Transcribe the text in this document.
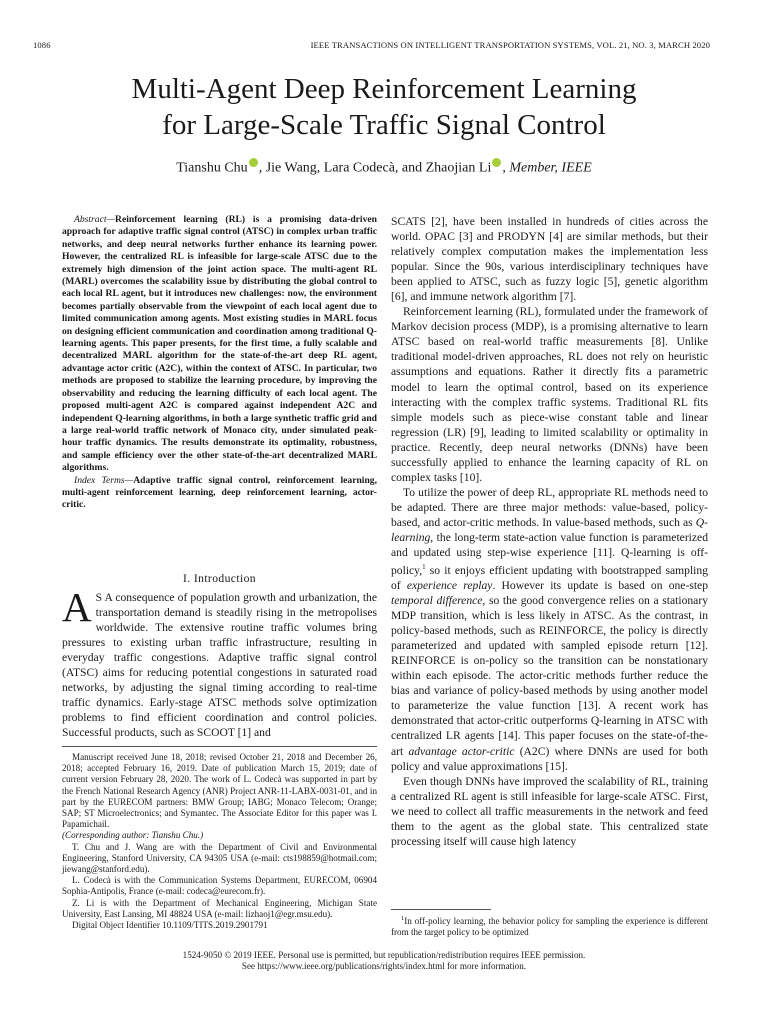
1086	IEEE TRANSACTIONS ON INTELLIGENT TRANSPORTATION SYSTEMS, VOL. 21, NO. 3, MARCH 2020
Multi-Agent Deep Reinforcement Learning
for Large-Scale Traffic Signal Control
Tianshu Chu , Jie Wang, Lara Codecà, and Zhaojian Li , Member, IEEE

Abstract—Reinforcement learning (RL) is a promising data-driven approach for adaptive traffic signal control (ATSC) in complex urban traffic networks, and deep neural networks further enhance its learning power. However, the centralized RL is infeasible for large-scale ATSC due to the extremely high dimension of the joint action space. The multi-agent RL (MARL) overcomes the scalability issue by distributing the global control to each local RL agent, but it introduces new challenges: now, the environment becomes partially observable from the viewpoint of each local agent due to limited communication among agents. Most existing studies in MARL focus on designing efficient communication and coordination among traditional Q-learning agents. This paper presents, for the first time, a fully scalable and decentralized MARL algorithm for the state-of-the-art deep RL agent, advantage actor critic (A2C), within the context of ATSC. In particular, two methods are proposed to stabilize the learning procedure, by improving the observability and reducing the learning difficulty of each local agent. The proposed multi-agent A2C is compared against independent A2C and independent Q-learning algorithms, in both a large synthetic traffic grid and a large real-world traffic network of Monaco city, under simulated peak-hour traffic dynamics. The results demonstrate its optimality, robustness, and sample efficiency over the other state-of-the-art decentralized MARL algorithms.

Index Terms—Adaptive traffic signal control, reinforcement learning, multi-agent reinforcement learning, deep reinforcement learning, actor-critic.

I. Introduction

A S A consequence of population growth and urbanization, the transportation demand is steadily rising in the metropolises worldwide. The extensive routine traffic volumes bring pressures to existing urban traffic infrastructure, resulting in everyday traffic congestions. Adaptive traffic signal control (ATSC) aims for reducing potential congestions in saturated road networks, by adjusting the signal timing according to real-time traffic dynamics. Early-stage ATSC methods solve optimization problems to find efficient coordination and control policies. Successful products, such as SCOOT [1] and

Manuscript received June 18, 2018; revised October 21, 2018 and December 26, 2018; accepted February 16, 2019. Date of publication March 15, 2019; date of current version February 28, 2020. The work of L. Codecà was supported in part by the French National Research Agency (ANR) Project ANR-11-LABX-0031-01, and in part by the EURECOM partners: BMW Group; IABG; Monaco Telecom; Orange; SAP; ST Microelectronics; and Symantec. The Associate Editor for this paper was I. Papamichail.

(Corresponding author: Tianshu Chu.)

T. Chu and J. Wang are with the Department of Civil and Environmental Engineering, Stanford University, CA 94305 USA (e-mail: cts198859@hotmail.com; jiewang@stanford.edu).

L. Codecà is with the Communication Systems Department, EURECOM, 06904 Sophia-Antipolis, France (e-mail: codeca@eurecom.fr).

Z. Li is with the Department of Mechanical Engineering, Michigan State University, East Lansing, MI 48824 USA (e-mail: lizhaoj1@egr.msu.edu).

Digital Object Identifier 10.1109/TITS.2019.2901791

SCATS [2], have been installed in hundreds of cities across the world. OPAC [3] and PRODYN [4] are similar methods, but their relatively complex computation makes the implementation less popular. Since the 90s, various interdisciplinary techniques have been applied to ATSC, such as fuzzy logic [5], genetic algorithm [6], and immune network algorithm [7].

Reinforcement learning (RL), formulated under the framework of Markov decision process (MDP), is a promising alternative to learn ATSC based on real-world traffic measurements [8]. Unlike traditional model-driven approaches, RL does not rely on heuristic assumptions and equations. Rather it directly fits a parametric model to learn the optimal control, based on its experience interacting with the complex traffic systems. Traditional RL fits simple models such as piece-wise constant table and linear regression (LR) [9], leading to limited scalability or optimality in practice. Recently, deep neural networks (DNNs) have been successfully applied to enhance the learning capacity of RL on complex tasks [10].

To utilize the power of deep RL, appropriate RL methods need to be adapted. There are three major methods: value-based, policy-based, and actor-critic methods. In value-based methods, such as Q-learning, the long-term state-action value function is parameterized and updated using step-wise experience [11]. Q-learning is off-policy,$^1$ so it enjoys efficient updating with bootstrapped sampling of experience replay. However its update is based on one-step temporal difference, so the good convergence relies on a stationary MDP transition, which is less likely in ATSC. As the contrast, in policy-based methods, such as REINFORCE, the policy is directly parameterized and updated with sampled episode return [12]. REINFORCE is on-policy so the transition can be nonstationary within each episode. The actor-critic methods further reduce the bias and variance of policy-based methods by using another model to parameterize the value function [13]. A recent work has demonstrated that actor-critic outperforms Q-learning in ATSC with centralized LR agents [14]. This paper focuses on the state-of-the-art advantage actor-critic (A2C) where DNNs are used for both policy and value approximations [15].

Even though DNNs have improved the scalability of RL, training a centralized RL agent is still infeasible for large-scale ATSC. First, we need to collect all traffic measurements in the network and feed them to the agent as the global state. This centralized state processing itself will cause high latency

$^1$In off-policy learning, the behavior policy for sampling the experience is different from the target policy to be optimized

1524-9050 © 2019 IEEE. Personal use is permitted, but republication/redistribution requires IEEE permission.
See https://www.ieee.org/publications/rights/index.html for more information.
